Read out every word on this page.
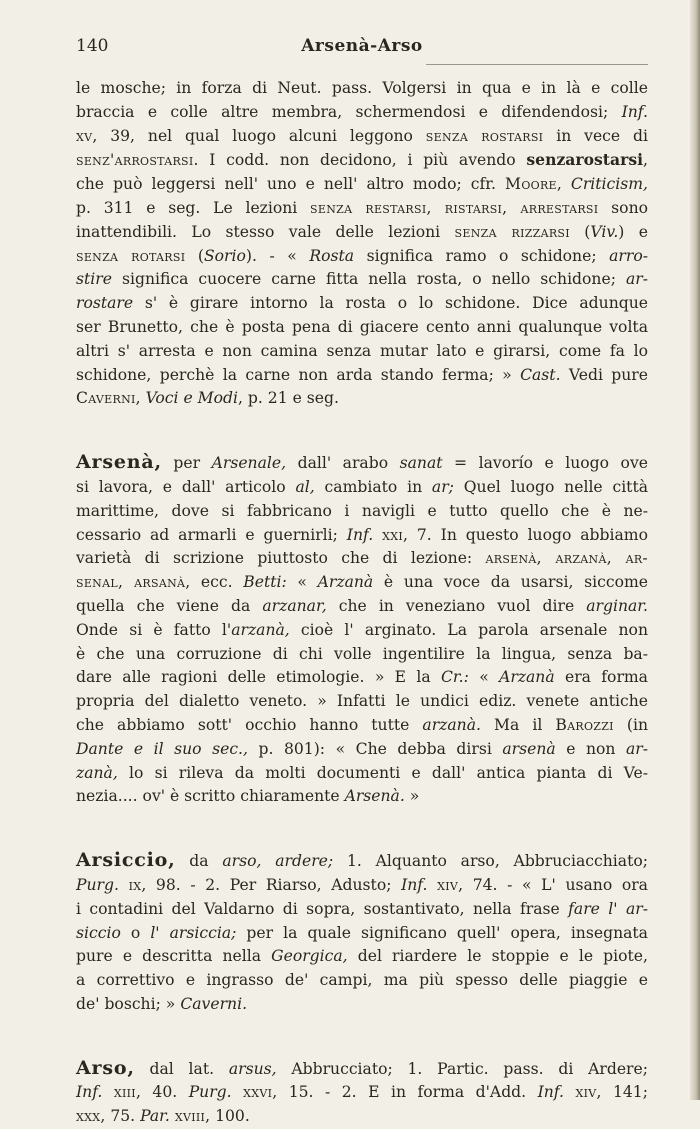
140	Arsenà-Arso
le mosche; in forza di Neut. pass. Volgersi in qua e in là e colle
braccia e colle altre membra, schermendosi e difendendosi; Inf.
xv, 39, nel qual luogo alcuni leggono senza rostarsi in vece di
senz'arrostarsi. I codd. non decidono, i più avendo senzarostarsi,
che può leggersi nell' uno e nell' altro modo; cfr. Moore, Criticism,
p. 311 e seg. Le lezioni senza restarsi, ristarsi, arrestarsi sono
inattendibili. Lo stesso vale delle lezioni senza rizzarsi (Viv.) e
senza rotarsi (Sorio). - « Rosta significa ramo o schidone; arro-
stire significa cuocere carne fitta nella rosta, o nello schidone; ar-
rostare s' è girare intorno la rosta o lo schidone. Dice adunque
ser Brunetto, che è posta pena di giacere cento anni qualunque volta
altri s' arresta e non camina senza mutar lato e girarsi, come fa lo
schidone, perchè la carne non arda stando ferma; » Cast. Vedi pure
Caverni, Voci e Modi, p. 21 e seg.
Arsenà, per Arsenale, dall' arabo sanat = lavorío e luogo ove
si lavora, e dall' articolo al, cambiato in ar; Quel luogo nelle città
marittime, dove si fabbricano i navigli e tutto quello che è ne-
cessario ad armarli e guernirli; Inf. xxi, 7. In questo luogo abbiamo
varietà di scrizione piuttosto che di lezione: arsenà, arzanà, ar-
senal, arsanà, ecc. Betti: « Arzanà è una voce da usarsi, siccome
quella che viene da arzanar, che in veneziano vuol dire arginar.
Onde si è fatto l'arzanà, cioè l' arginato. La parola arsenale non
è che una corruzione di chi volle ingentilire la lingua, senza ba-
dare alle ragioni delle etimologie. » E la Cr.: « Arzanà era forma
propria del dialetto veneto. » Infatti le undici ediz. venete antiche
che abbiamo sott' occhio hanno tutte arzanà. Ma il Barozzi (in
Dante e il suo sec., p. 801): « Che debba dirsi arsenà e non ar-
zanà, lo si rileva da molti documenti e dall' antica pianta di Ve-
nezia.... ov' è scritto chiaramente Arsenà. »
Arsiccio, da arso, ardere; 1. Alquanto arso, Abbruciacchiato;
Purg. ix, 98. - 2. Per Riarso, Adusto; Inf. xiv, 74. - « L' usano ora
i contadini del Valdarno di sopra, sostantivato, nella frase fare l' ar-
siccio o l' arsiccia; per la quale significano quell' opera, insegnata
pure e descritta nella Georgica, del riardere le stoppie e le piote,
a correttivo e ingrasso de' campi, ma più spesso delle piaggie e
de' boschi; » Caverni.
Arso, dal lat. arsus, Abbrucciato; 1. Partic. pass. di Ardere;
Inf. xiii, 40. Purg. xxvi, 15. - 2. E in forma d'Add. Inf. xiv, 141;
xxx, 75. Par. xviii, 100.
